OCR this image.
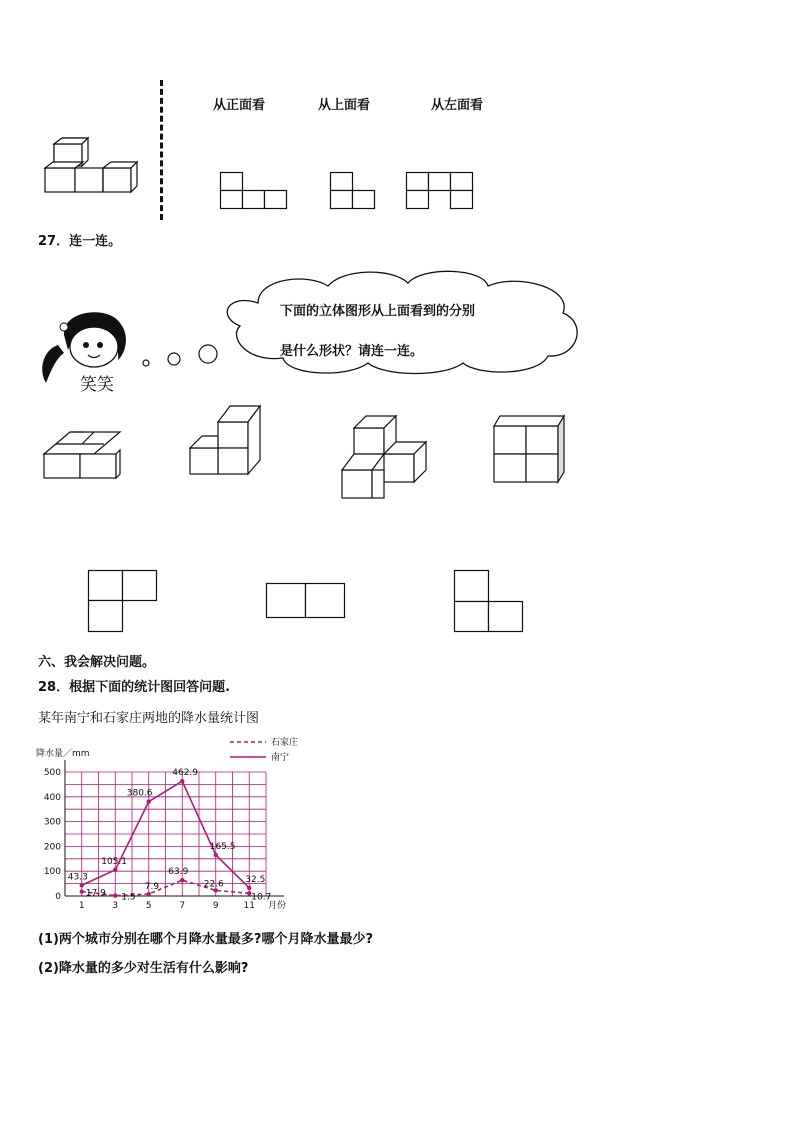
从正面看	从上面看	从左面看
27．连一连。
下面的立体图形从上面看到的分别
是什么形状？请连一连。
笑笑
六、我会解决问题。
28．根据下面的统计图回答问题.
某年南宁和石家庄两地的降水量统计图
0
100
200
300
400
500
1	3	5	7	9	11
降水量／mm
月份
石家庄
南宁
17.9 1.5
7.9
63.9
22.6
10.7
43.3
105.1
380.6
462.9
165.5
32.5
(1)两个城市分别在哪个月降水量最多?哪个月降水量最少?
(2)降水量的多少对生活有什么影响?
